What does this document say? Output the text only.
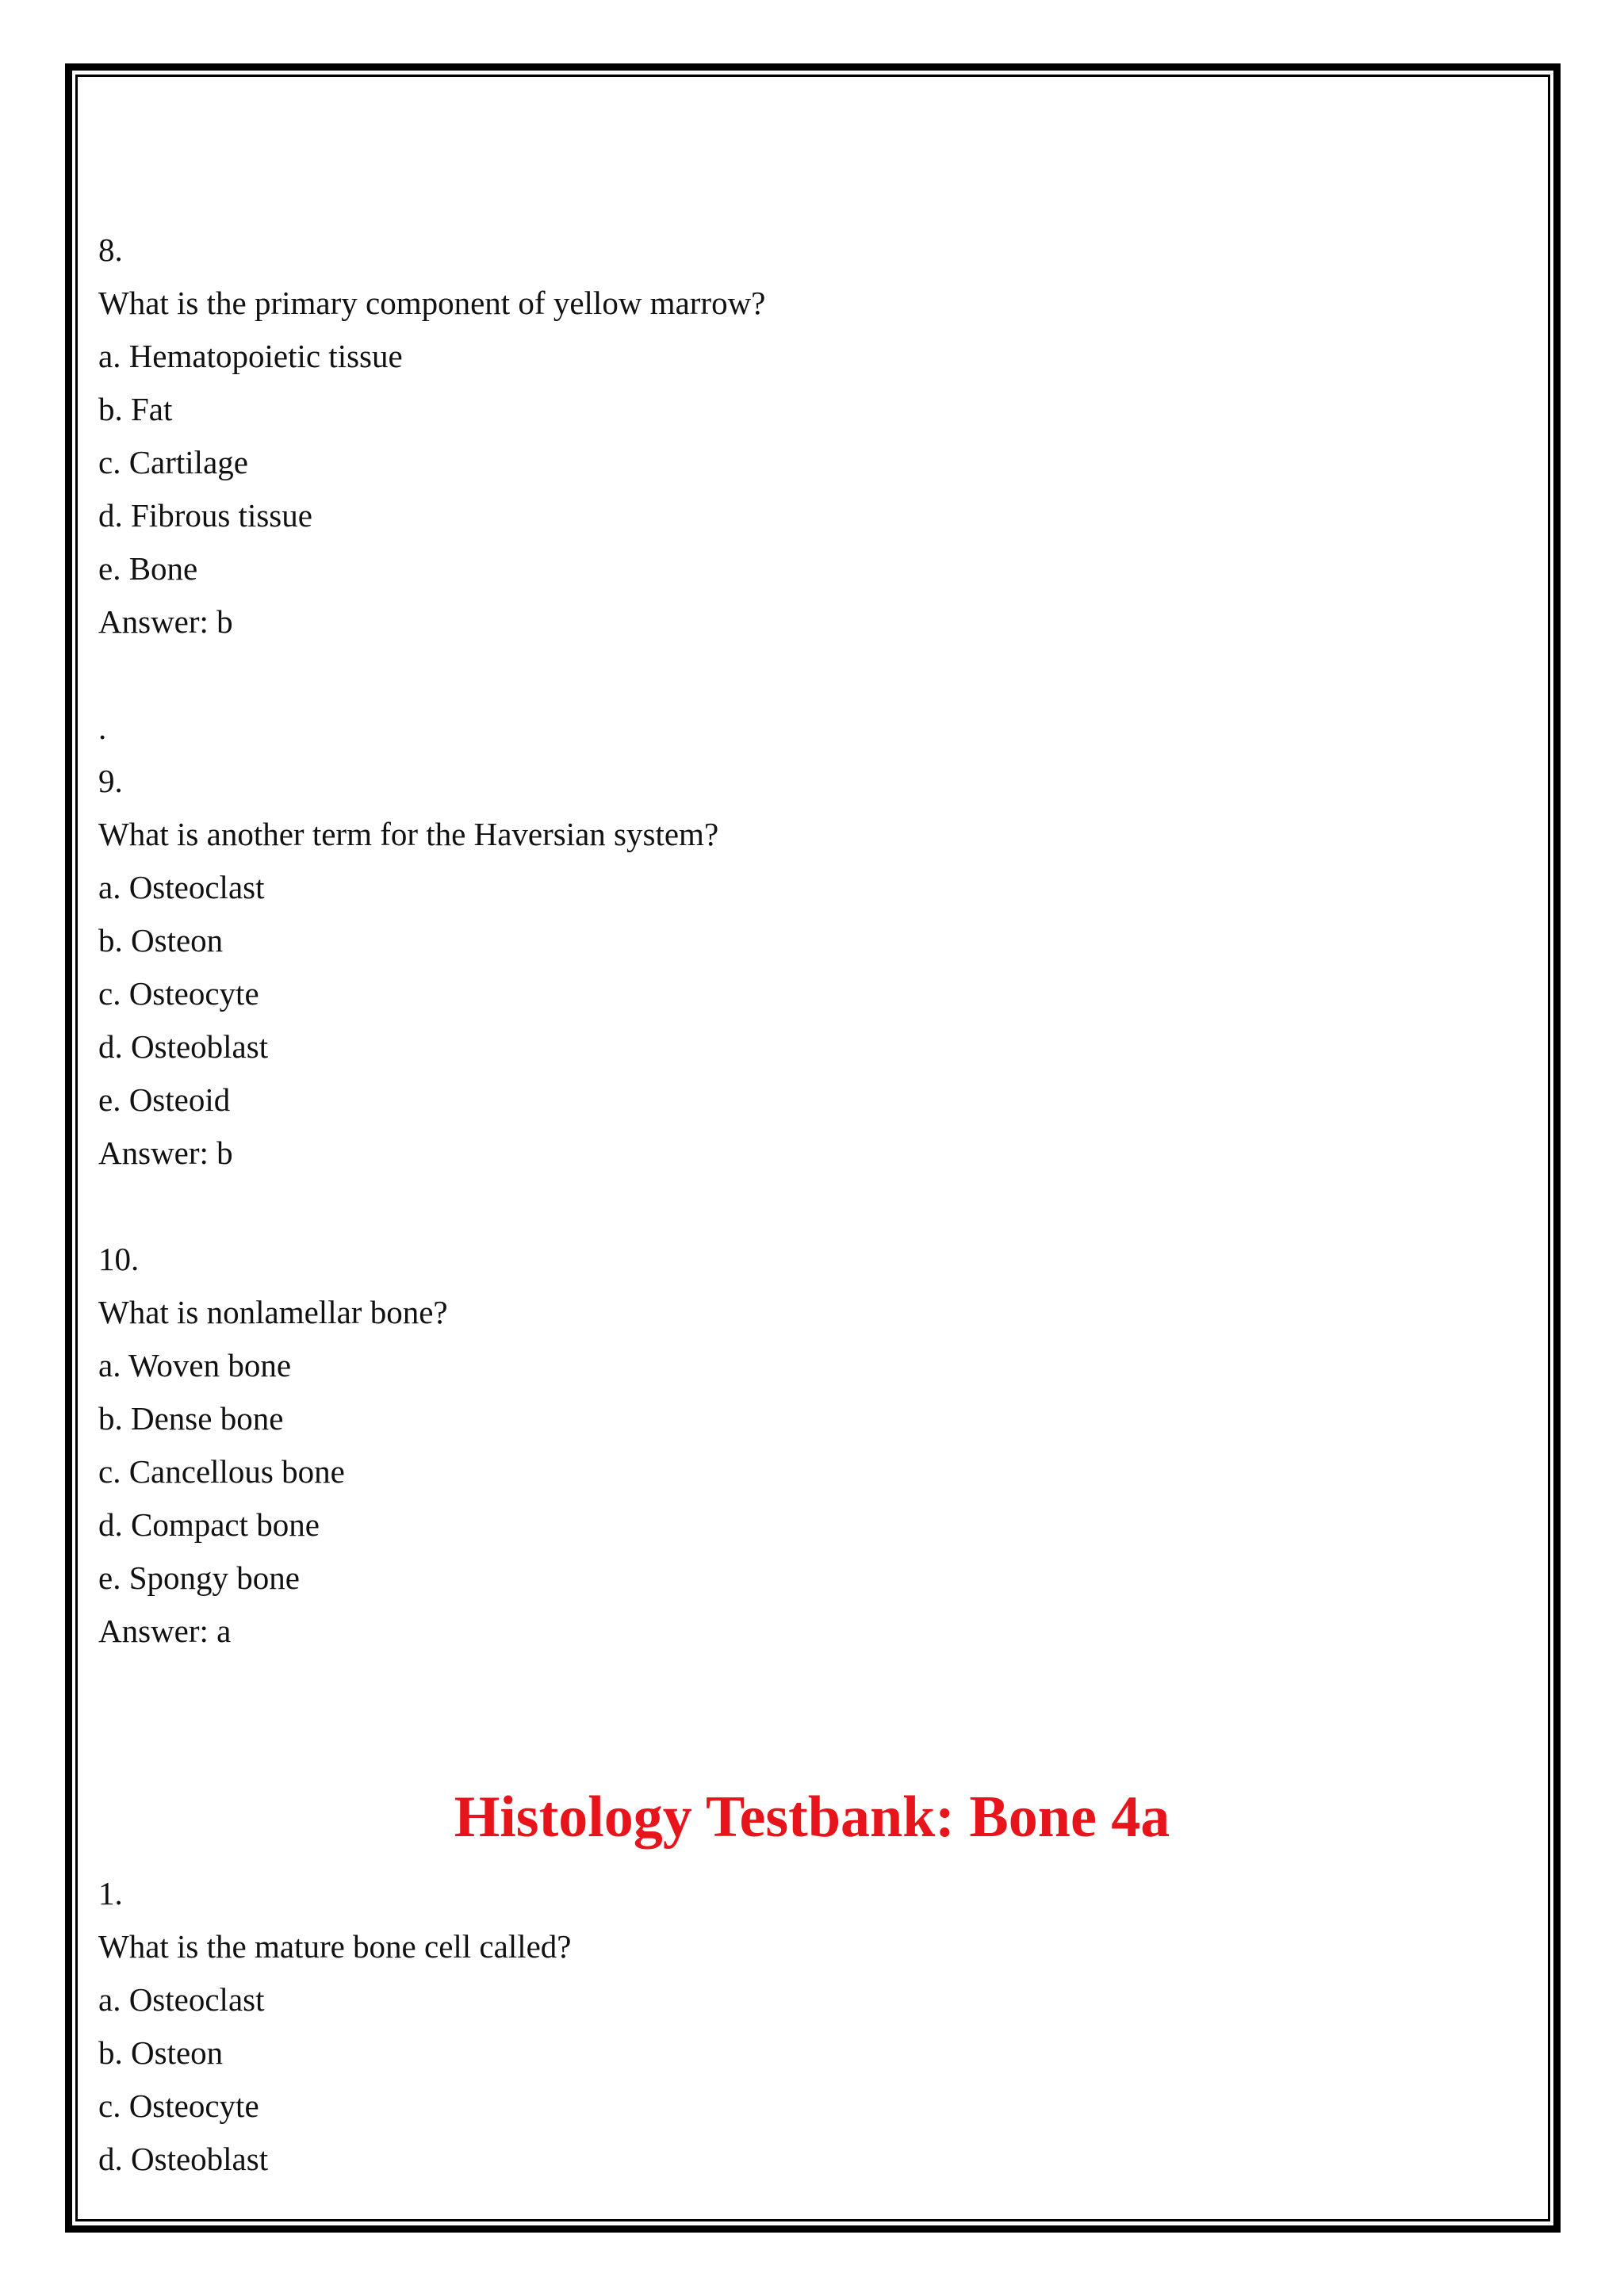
8.
What is the primary component of yellow marrow?
a. Hematopoietic tissue
b. Fat
c. Cartilage
d. Fibrous tissue
e. Bone
Answer: b
.
9.
What is another term for the Haversian system?
a. Osteoclast
b. Osteon
c. Osteocyte
d. Osteoblast
e. Osteoid
Answer: b
10.
What is nonlamellar bone?
a. Woven bone
b. Dense bone
c. Cancellous bone
d. Compact bone
e. Spongy bone
Answer: a
Histology Testbank: Bone 4a
1.
What is the mature bone cell called?
a. Osteoclast
b. Osteon
c. Osteocyte
d. Osteoblast
